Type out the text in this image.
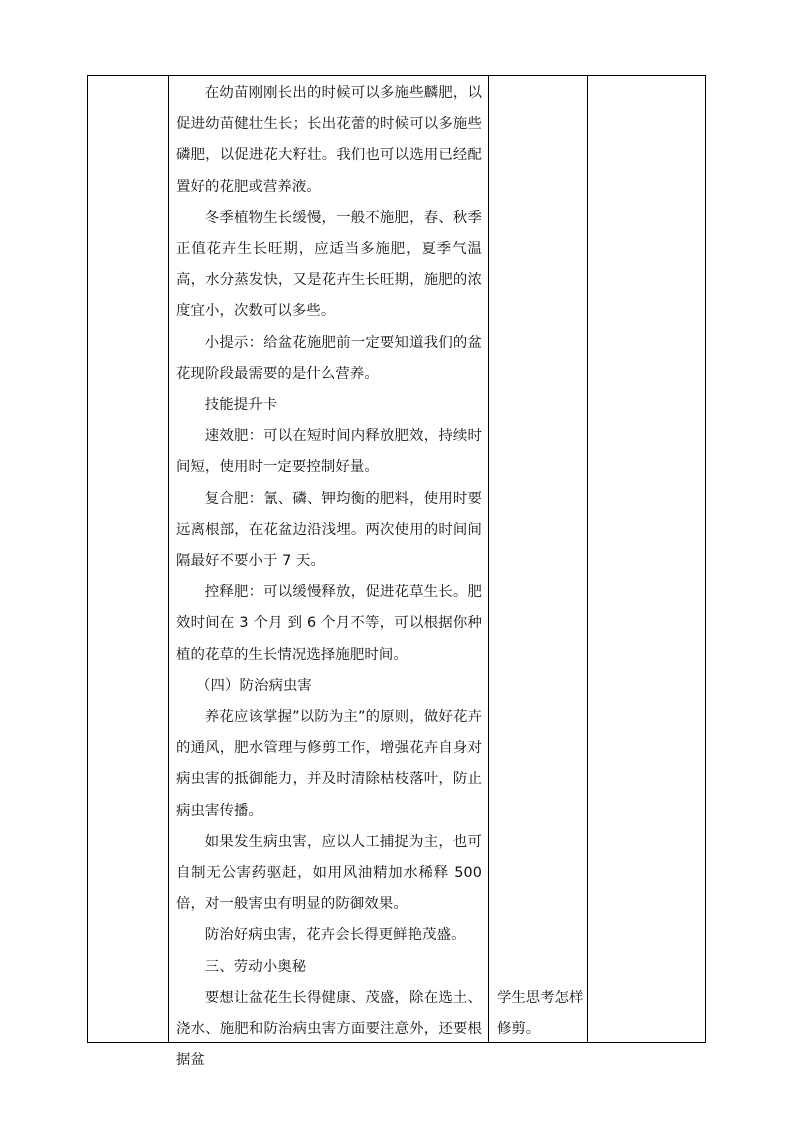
在幼苗刚刚长出的时候可以多施些麟肥，以促进幼苗健壮生长；长出花蕾的时候可以多施些磷肥，以促进花大籽壮。我们也可以选用已经配置好的花肥或营养液。

冬季植物生长缓慢，一般不施肥，春、秋季正值花卉生长旺期，应适当多施肥，夏季气温高，水分蒸发快，又是花卉生长旺期，施肥的浓度宜小，次数可以多些。

小提示：给盆花施肥前一定要知道我们的盆花现阶段最需要的是什么营养。

技能提升卡

速效肥：可以在短时间内释放肥效，持续时间短，使用时一定要控制好量。

复合肥：氰、磷、钾均衡的肥料，使用时要远离根部，在花盆边沿浅埋。两次使用的时间间隔最好不要小于 7 天。

控释肥：可以缓慢释放，促进花草生长。肥效时间在 3 个月 到 6 个月不等，可以根据你种植的花草的生长情况选择施肥时间。

（四）防治病虫害

养花应该掌握”以防为主”的原则，做好花卉的通风，肥水管理与修剪工作，增强花卉自身对病虫害的抵御能力，并及时清除枯枝落叶，防止病虫害传播。

如果发生病虫害，应以人工捕捉为主，也可自制无公害药驱赶，如用风油精加水稀释 500 倍，对一般害虫有明显的防御效果。

防治好病虫害，花卉会长得更鲜艳茂盛。

三、劳动小奥秘

要想让盆花生长得健康、茂盛，除在选土、浇水、施肥和防治病虫害方面要注意外，还要根据盆

学生思考怎样修剪。
